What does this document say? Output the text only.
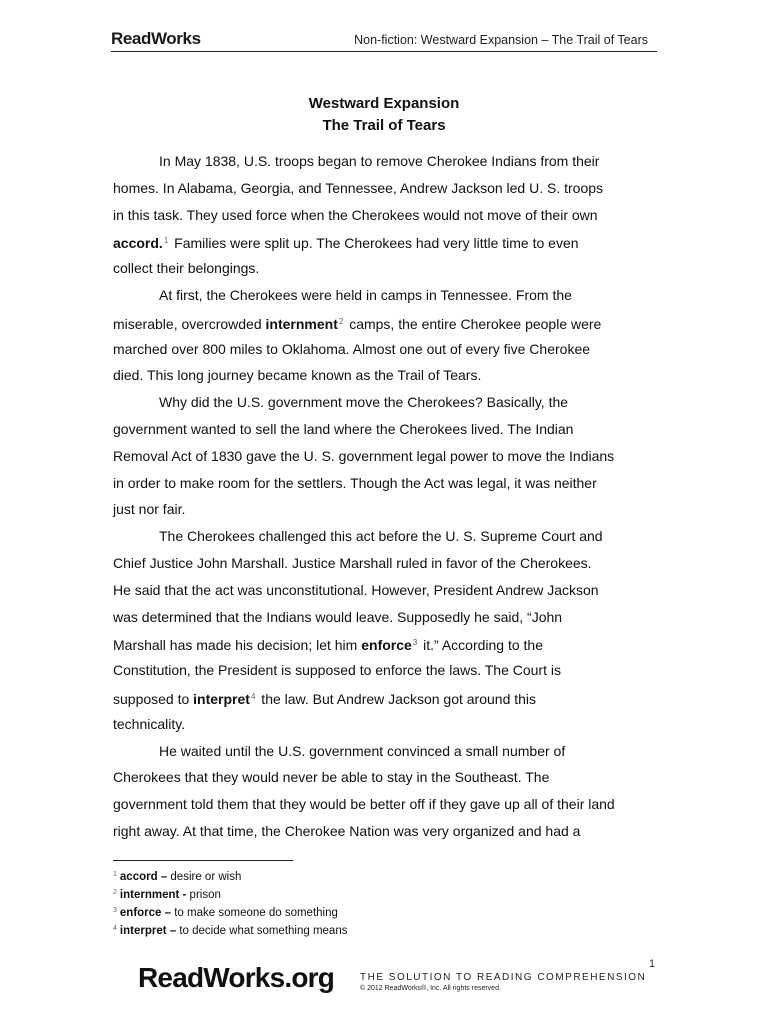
ReadWorks	Non-fiction: Westward Expansion – The Trail of Tears
Westward Expansion
The Trail of Tears
In May 1838, U.S. troops began to remove Cherokee Indians from their
homes. In Alabama, Georgia, and Tennessee, Andrew Jackson led U. S. troops
in this task. They used force when the Cherokees would not move of their own
accord.$^1$ Families were split up. The Cherokees had very little time to even
collect their belongings.
At first, the Cherokees were held in camps in Tennessee. From the
miserable, overcrowded internment$^2$ camps, the entire Cherokee people were
marched over 800 miles to Oklahoma. Almost one out of every five Cherokee
died. This long journey became known as the Trail of Tears.
Why did the U.S. government move the Cherokees? Basically, the
government wanted to sell the land where the Cherokees lived. The Indian
Removal Act of 1830 gave the U. S. government legal power to move the Indians
in order to make room for the settlers. Though the Act was legal, it was neither
just nor fair.
The Cherokees challenged this act before the U. S. Supreme Court and
Chief Justice John Marshall. Justice Marshall ruled in favor of the Cherokees.
He said that the act was unconstitutional. However, President Andrew Jackson
was determined that the Indians would leave. Supposedly he said, “John
Marshall has made his decision; let him enforce$^3$ it.” According to the
Constitution, the President is supposed to enforce the laws. The Court is
supposed to interpret$^4$ the law. But Andrew Jackson got around this
technicality.
He waited until the U.S. government convinced a small number of
Cherokees that they would never be able to stay in the Southeast. The
government told them that they would be better off if they gave up all of their land
right away. At that time, the Cherokee Nation was very organized and had a
$^1$ accord – desire or wish
$^2$ internment - prison
$^3$ enforce – to make someone do something
$^4$ interpret – to decide what something means
1
ReadWorks.org	THE SOLUTION TO READING COMPREHENSION
© 2012 ReadWorks®, Inc. All rights reserved.
